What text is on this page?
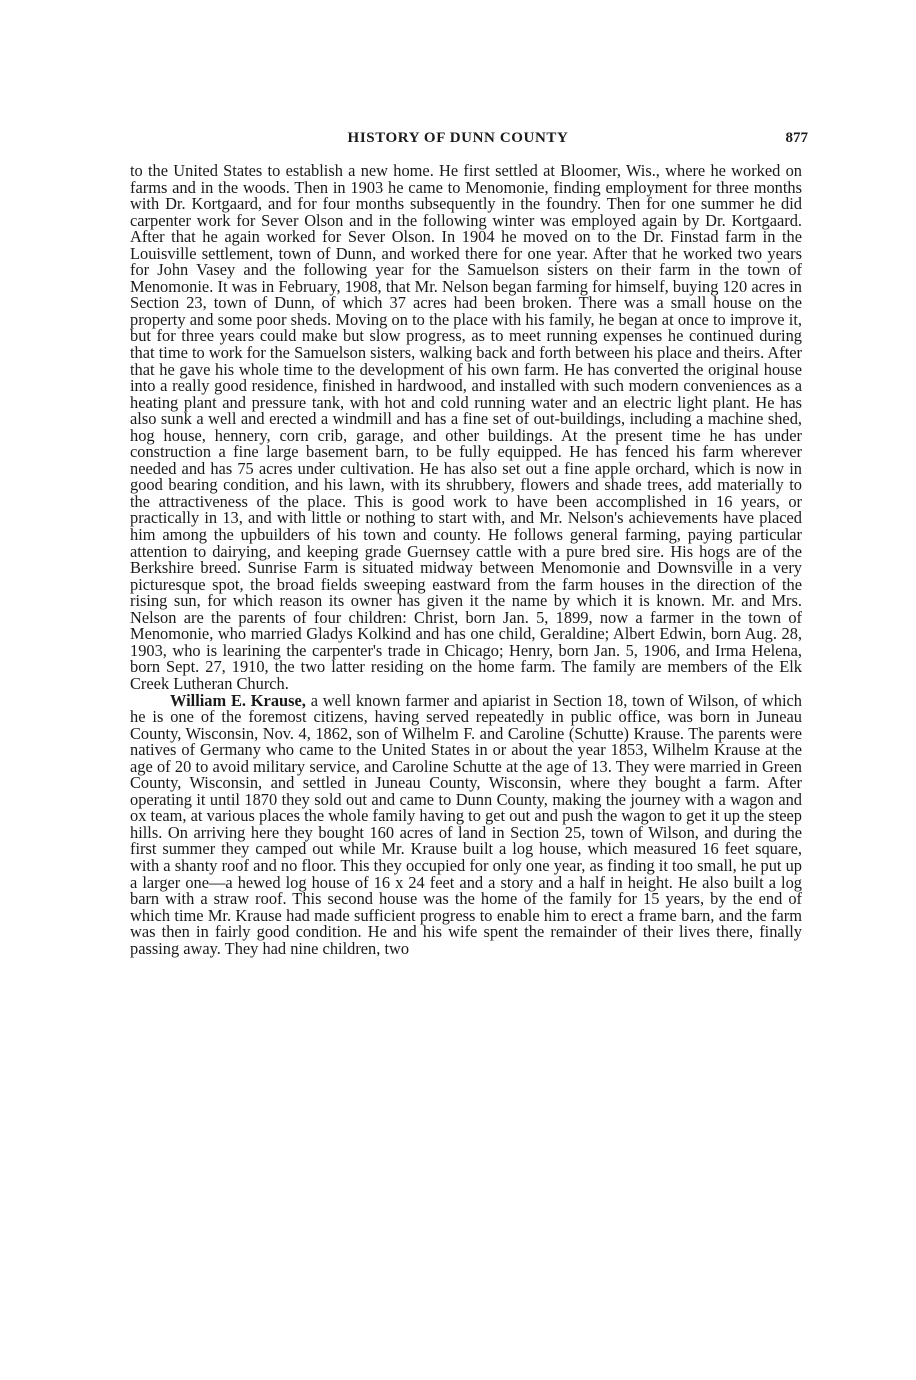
HISTORY OF DUNN COUNTY	877

to the United States to establish a new home. He first settled at Bloomer, Wis., where he worked on farms and in the woods. Then in 1903 he came to Menomonie, finding employment for three months with Dr. Kortgaard, and for four months subsequently in the foundry. Then for one summer he did carpenter work for Sever Olson and in the following winter was employed again by Dr. Kortgaard. After that he again worked for Sever Olson. In 1904 he moved on to the Dr. Finstad farm in the Louisville settlement, town of Dunn, and worked there for one year. After that he worked two years for John Vasey and the following year for the Samuelson sisters on their farm in the town of Menomonie. It was in February, 1908, that Mr. Nelson began farming for himself, buying 120 acres in Section 23, town of Dunn, of which 37 acres had been broken. There was a small house on the property and some poor sheds. Moving on to the place with his family, he began at once to improve it, but for three years could make but slow progress, as to meet running expenses he continued during that time to work for the Samuelson sisters, walking back and forth between his place and theirs. After that he gave his whole time to the development of his own farm. He has converted the original house into a really good residence, finished in hardwood, and installed with such modern conveniences as a heating plant and pressure tank, with hot and cold running water and an electric light plant. He has also sunk a well and erected a windmill and has a fine set of out-buildings, including a machine shed, hog house, hennery, corn crib, garage, and other buildings. At the present time he has under construction a fine large basement barn, to be fully equipped. He has fenced his farm wherever needed and has 75 acres under cultivation. He has also set out a fine apple orchard, which is now in good bearing condition, and his lawn, with its shrubbery, flowers and shade trees, add materially to the attractiveness of the place. This is good work to have been accomplished in 16 years, or practically in 13, and with little or nothing to start with, and Mr. Nelson's achievements have placed him among the upbuilders of his town and county. He follows general farming, paying particular attention to dairying, and keeping grade Guernsey cattle with a pure bred sire. His hogs are of the Berkshire breed. Sunrise Farm is situated midway between Menomonie and Downsville in a very picturesque spot, the broad fields sweeping eastward from the farm houses in the direction of the rising sun, for which reason its owner has given it the name by which it is known. Mr. and Mrs. Nelson are the parents of four children: Christ, born Jan. 5, 1899, now a farmer in the town of Menomonie, who married Gladys Kolkind and has one child, Geraldine; Albert Edwin, born Aug. 28, 1903, who is learining the carpenter's trade in Chicago; Henry, born Jan. 5, 1906, and Irma Helena, born Sept. 27, 1910, the two latter residing on the home farm. The family are members of the Elk Creek Lutheran Church.

William E. Krause, a well known farmer and apiarist in Section 18, town of Wilson, of which he is one of the foremost citizens, having served repeatedly in public office, was born in Juneau County, Wisconsin, Nov. 4, 1862, son of Wilhelm F. and Caroline (Schutte) Krause. The parents were natives of Germany who came to the United States in or about the year 1853, Wilhelm Krause at the age of 20 to avoid military service, and Caroline Schutte at the age of 13. They were married in Green County, Wisconsin, and settled in Juneau County, Wisconsin, where they bought a farm. After operating it until 1870 they sold out and came to Dunn County, making the journey with a wagon and ox team, at various places the whole family having to get out and push the wagon to get it up the steep hills. On arriving here they bought 160 acres of land in Section 25, town of Wilson, and during the first summer they camped out while Mr. Krause built a log house, which measured 16 feet square, with a shanty roof and no floor. This they occupied for only one year, as finding it too small, he put up a larger one—a hewed log house of 16 x 24 feet and a story and a half in height. He also built a log barn with a straw roof. This second house was the home of the family for 15 years, by the end of which time Mr. Krause had made sufficient progress to enable him to erect a frame barn, and the farm was then in fairly good condition. He and his wife spent the remainder of their lives there, finally passing away. They had nine children, two
